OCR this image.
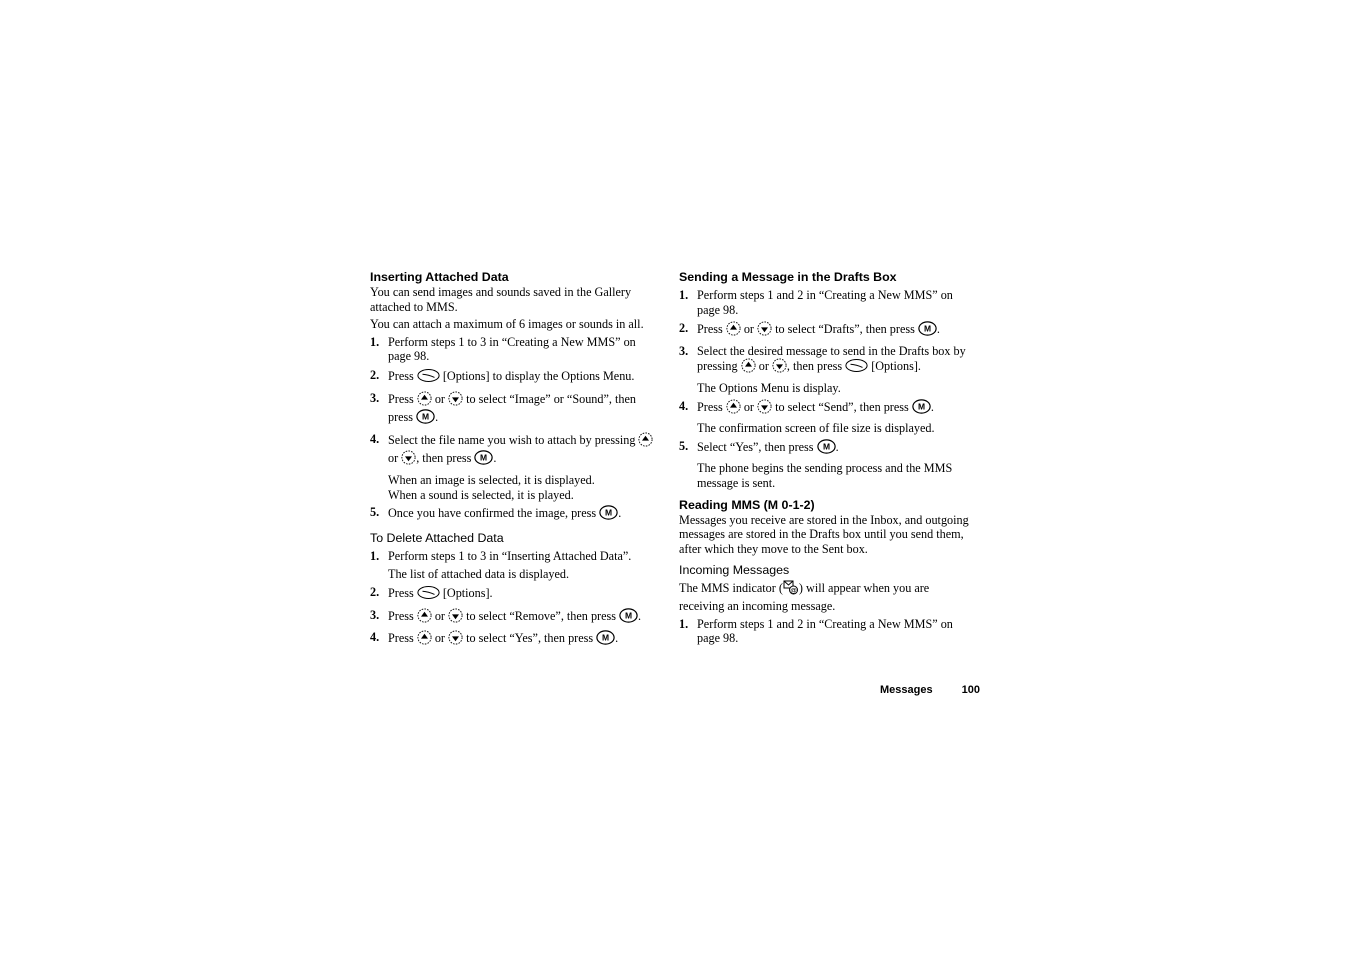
Inserting Attached Data

You can send images and sounds saved in the Gallery attached to MMS.

You can attach a maximum of 6 images or sounds in all.

1. Perform steps 1 to 3 in “Creating a New MMS” on page 98.
2. Press [Options] to display the Options Menu.
3. Press or to select “Image” or “Sound”, then press M .
4. Select the file name you wish to attach by pressing  or , then press M .
When an image is selected, it is displayed.
When a sound is selected, it is played.
5. Once you have confirmed the image, press M .
To Delete Attached Data
1. Perform steps 1 to 3 in “Inserting Attached Data”.
The list of attached data is displayed.
2. Press [Options].
3. Press or to select “Remove”, then press M .
4. Press or to select “Yes”, then press M .
Sending a Message in the Drafts Box
1. Perform steps 1 and 2 in “Creating a New MMS” on page 98.
2. Press or to select “Drafts”, then press M .
3. Select the desired message to send in the Drafts box by pressing or , then press [Options].
The Options Menu is display.
4. Press or to select “Send”, then press M .
The confirmation screen of file size is displayed.
5. Select “Yes”, then press M .
The phone begins the sending process and the MMS message is sent.
Reading MMS (M 0-1-2)

Messages you receive are stored in the Inbox, and outgoing messages are stored in the Drafts box until you send them, after which they move to the Sent box.

Incoming Messages

The MMS indicator ( @ ) will appear when you are receiving an incoming message.

1. Perform steps 1 and 2 in “Creating a New MMS” on page 98.
Messages	100
